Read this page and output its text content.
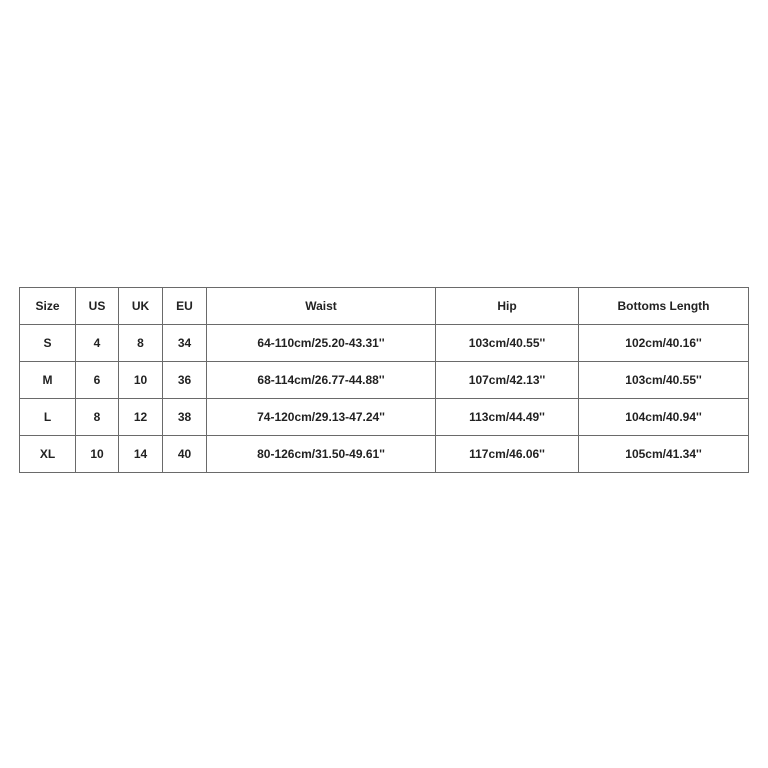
Size	US	UK	EU	Waist	Hip	Bottoms Length
S	4	8	34	64-110cm/25.20-43.31''	103cm/40.55''	102cm/40.16''
M	6	10	36	68-114cm/26.77-44.88''	107cm/42.13''	103cm/40.55''
L	8	12	38	74-120cm/29.13-47.24''	113cm/44.49''	104cm/40.94''
XL	10	14	40	80-126cm/31.50-49.61''	117cm/46.06''	105cm/41.34''
